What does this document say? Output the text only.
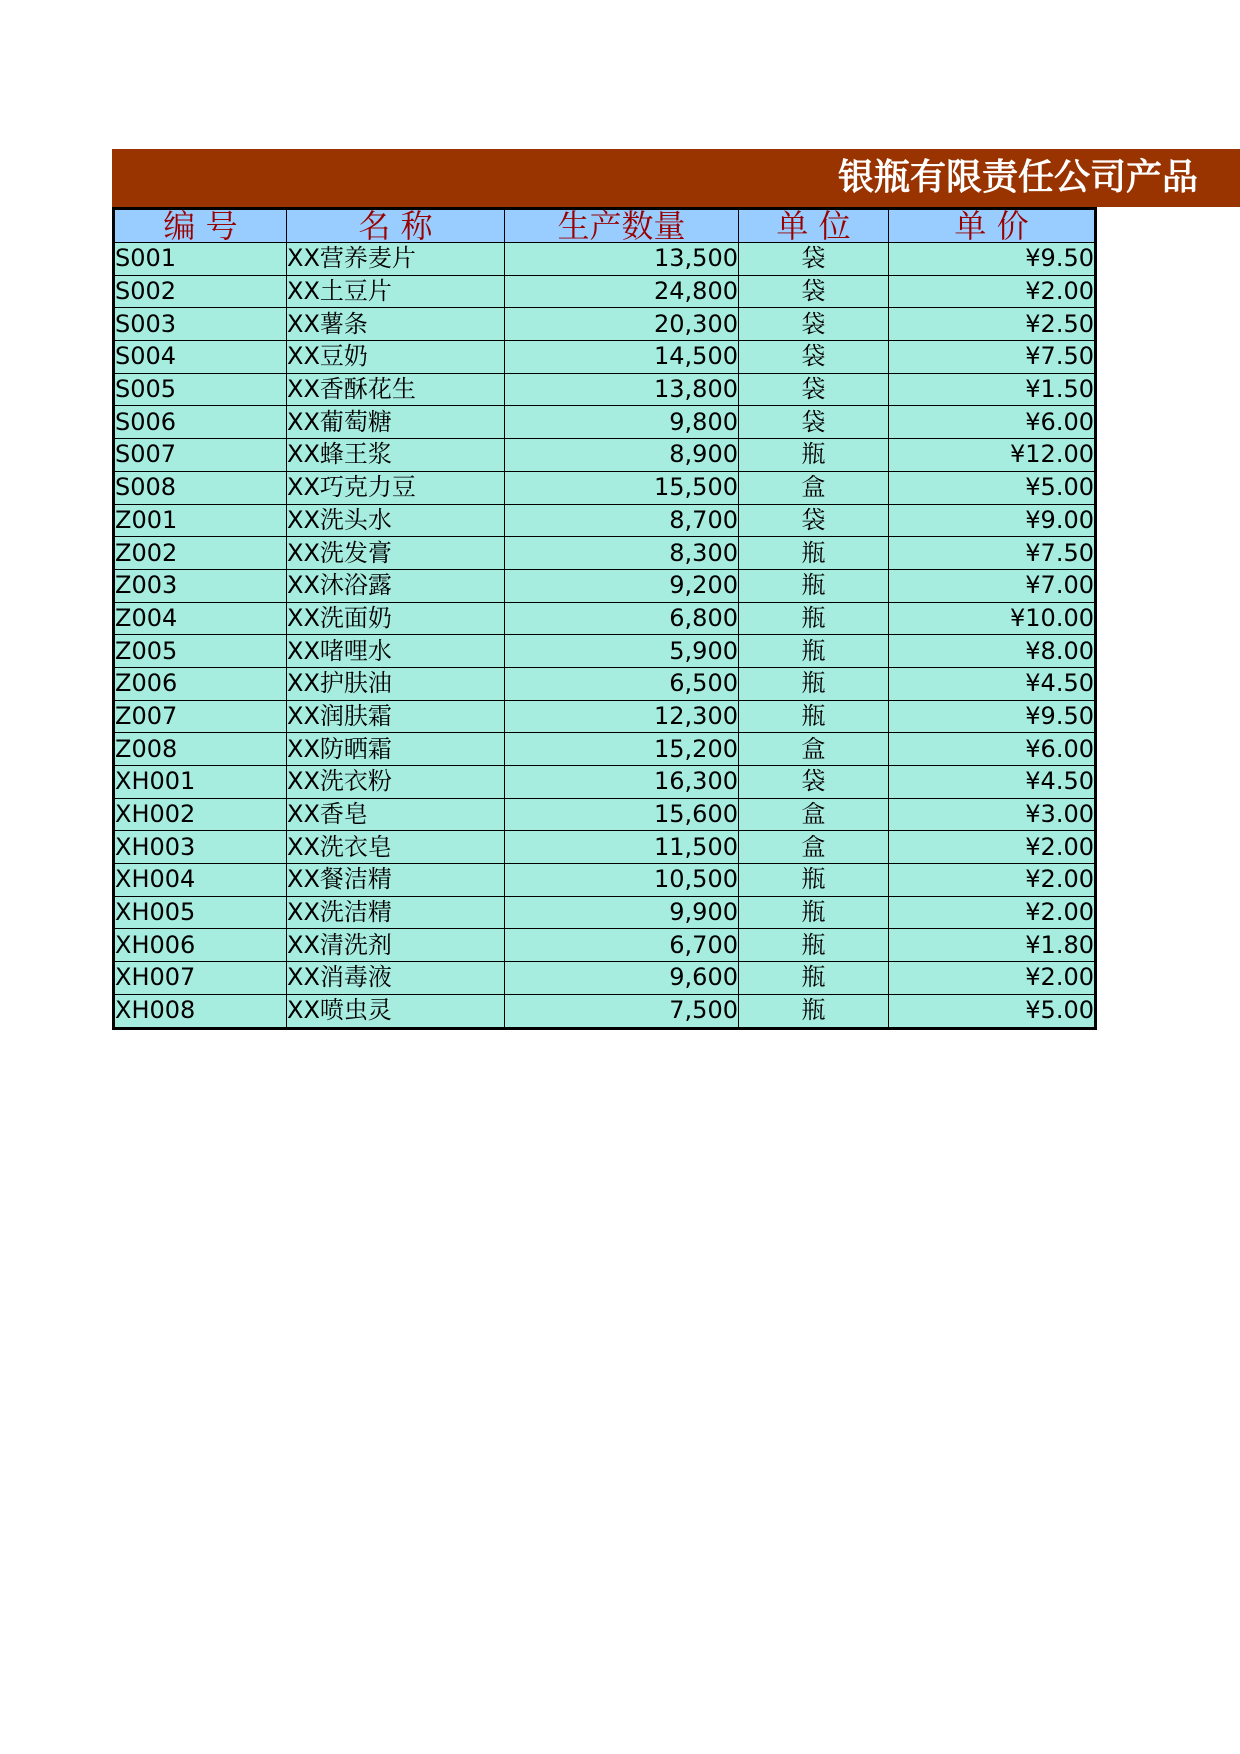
银瓶有限责任公司产品
编 号	名 称	生产数量	单 位	单 价
S001	XX营养麦片	13,500	袋	¥9.50
S002	XX土豆片	24,800	袋	¥2.00
S003	XX薯条	20,300	袋	¥2.50
S004	XX豆奶	14,500	袋	¥7.50
S005	XX香酥花生	13,800	袋	¥1.50
S006	XX葡萄糖	9,800	袋	¥6.00
S007	XX蜂王浆	8,900	瓶	¥12.00
S008	XX巧克力豆	15,500	盒	¥5.00
Z001	XX洗头水	8,700	袋	¥9.00
Z002	XX洗发膏	8,300	瓶	¥7.50
Z003	XX沐浴露	9,200	瓶	¥7.00
Z004	XX洗面奶	6,800	瓶	¥10.00
Z005	XX啫哩水	5,900	瓶	¥8.00
Z006	XX护肤油	6,500	瓶	¥4.50
Z007	XX润肤霜	12,300	瓶	¥9.50
Z008	XX防晒霜	15,200	盒	¥6.00
XH001	XX洗衣粉	16,300	袋	¥4.50
XH002	XX香皂	15,600	盒	¥3.00
XH003	XX洗衣皂	11,500	盒	¥2.00
XH004	XX餐洁精	10,500	瓶	¥2.00
XH005	XX洗洁精	9,900	瓶	¥2.00
XH006	XX清洗剂	6,700	瓶	¥1.80
XH007	XX消毒液	9,600	瓶	¥2.00
XH008	XX喷虫灵	7,500	瓶	¥5.00
